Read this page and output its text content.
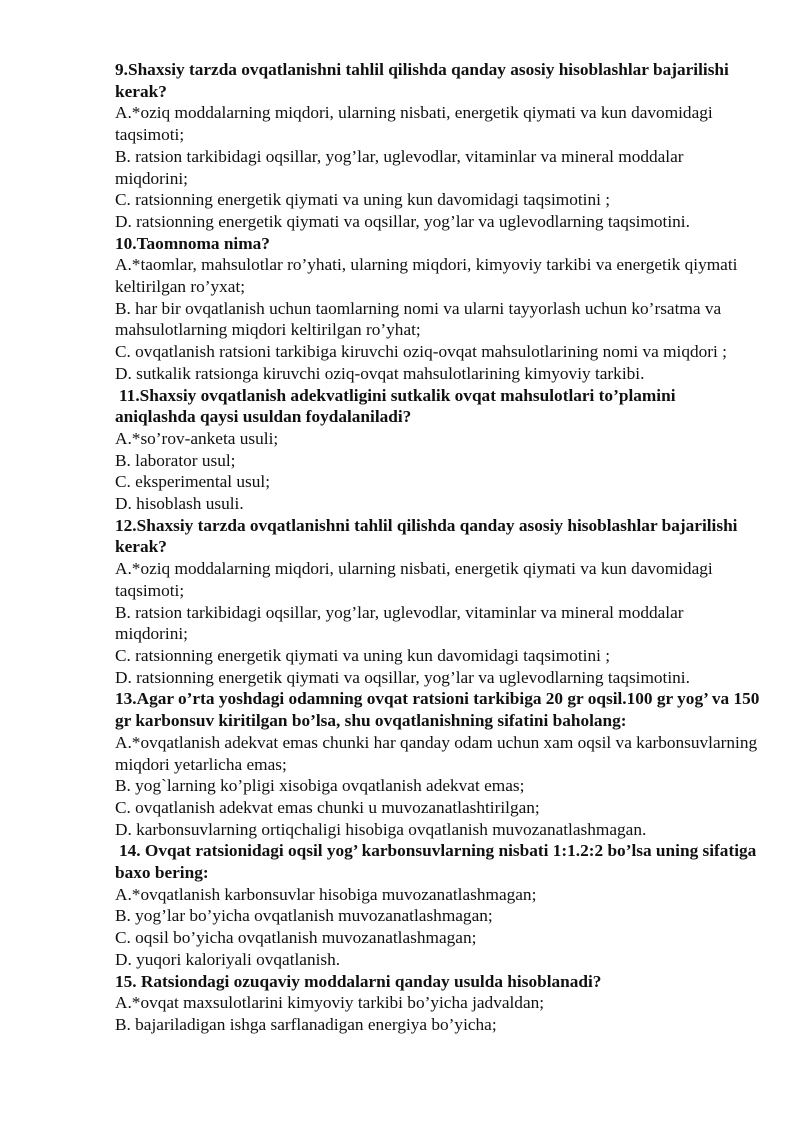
9.Shaxsiy tarzda ovqatlanishni tahlil qilishda qanday asosiy hisoblashlar bajarilishi kerak?

A.*oziq moddalarning miqdori, ularning nisbati, energetik qiymati va kun davomidagi taqsimoti;

B. ratsion tarkibidagi oqsillar, yog’lar, uglevodlar, vitaminlar va mineral moddalar miqdorini;

C. ratsionning energetik qiymati va uning kun davomidagi taqsimotini ;

D. ratsionning energetik qiymati va oqsillar, yog’lar va uglevodlarning taqsimotini.

10.Taomnoma nima?

A.*taomlar, mahsulotlar ro’yhati, ularning miqdori, kimyoviy tarkibi va energetik qiymati keltirilgan ro’yxat;

B. har bir ovqatlanish uchun taomlarning nomi va ularni tayyorlash uchun ko’rsatma va mahsulotlarning miqdori keltirilgan ro’yhat;

C. ovqatlanish ratsioni tarkibiga kiruvchi oziq-ovqat mahsulotlarining nomi va miqdori ;

D. sutkalik ratsionga kiruvchi oziq-ovqat mahsulotlarining kimyoviy tarkibi.

11.Shaxsiy ovqatlanish adekvatligini sutkalik ovqat mahsulotlari to’plamini aniqlashda qaysi usuldan foydalaniladi?

A.*so’rov-anketa usuli;

B. laborator usul;

C. eksperimental usul;

D. hisoblash usuli.

12.Shaxsiy tarzda ovqatlanishni tahlil qilishda qanday asosiy hisoblashlar bajarilishi kerak?

A.*oziq moddalarning miqdori, ularning nisbati, energetik qiymati va kun davomidagi taqsimoti;

B. ratsion tarkibidagi oqsillar, yog’lar, uglevodlar, vitaminlar va mineral moddalar miqdorini;

C. ratsionning energetik qiymati va uning kun davomidagi taqsimotini ;

D. ratsionning energetik qiymati va oqsillar, yog’lar va uglevodlarning taqsimotini.

13.Agar o’rta yoshdagi odamning ovqat ratsioni tarkibiga 20 gr oqsil.100 gr yog’ va 150 gr karbonsuv kiritilgan bo’lsa, shu ovqatlanishning sifatini baholang:

A.*ovqatlanish adekvat emas chunki har qanday odam uchun xam oqsil va karbonsuvlarning miqdori yetarlicha emas;

B. yog`larning ko’pligi xisobiga ovqatlanish adekvat emas;

C. ovqatlanish adekvat emas chunki u muvozanatlashtirilgan;

D. karbonsuvlarning ortiqchaligi hisobiga ovqatlanish muvozanatlashmagan.

14. Ovqat ratsionidagi oqsil yog’ karbonsuvlarning nisbati 1:1.2:2 bo’lsa uning sifatiga baxo bering:

A.*ovqatlanish karbonsuvlar hisobiga muvozanatlashmagan;

B. yog’lar bo’yicha ovqatlanish muvozanatlashmagan;

C. oqsil bo’yicha ovqatlanish muvozanatlashmagan;

D. yuqori kaloriyali ovqatlanish.

15. Ratsiondagi ozuqaviy moddalarni qanday usulda hisoblanadi?

A.*ovqat maxsulotlarini kimyoviy tarkibi bo’yicha jadvaldan;

B. bajariladigan ishga sarflanadigan energiya bo’yicha;
